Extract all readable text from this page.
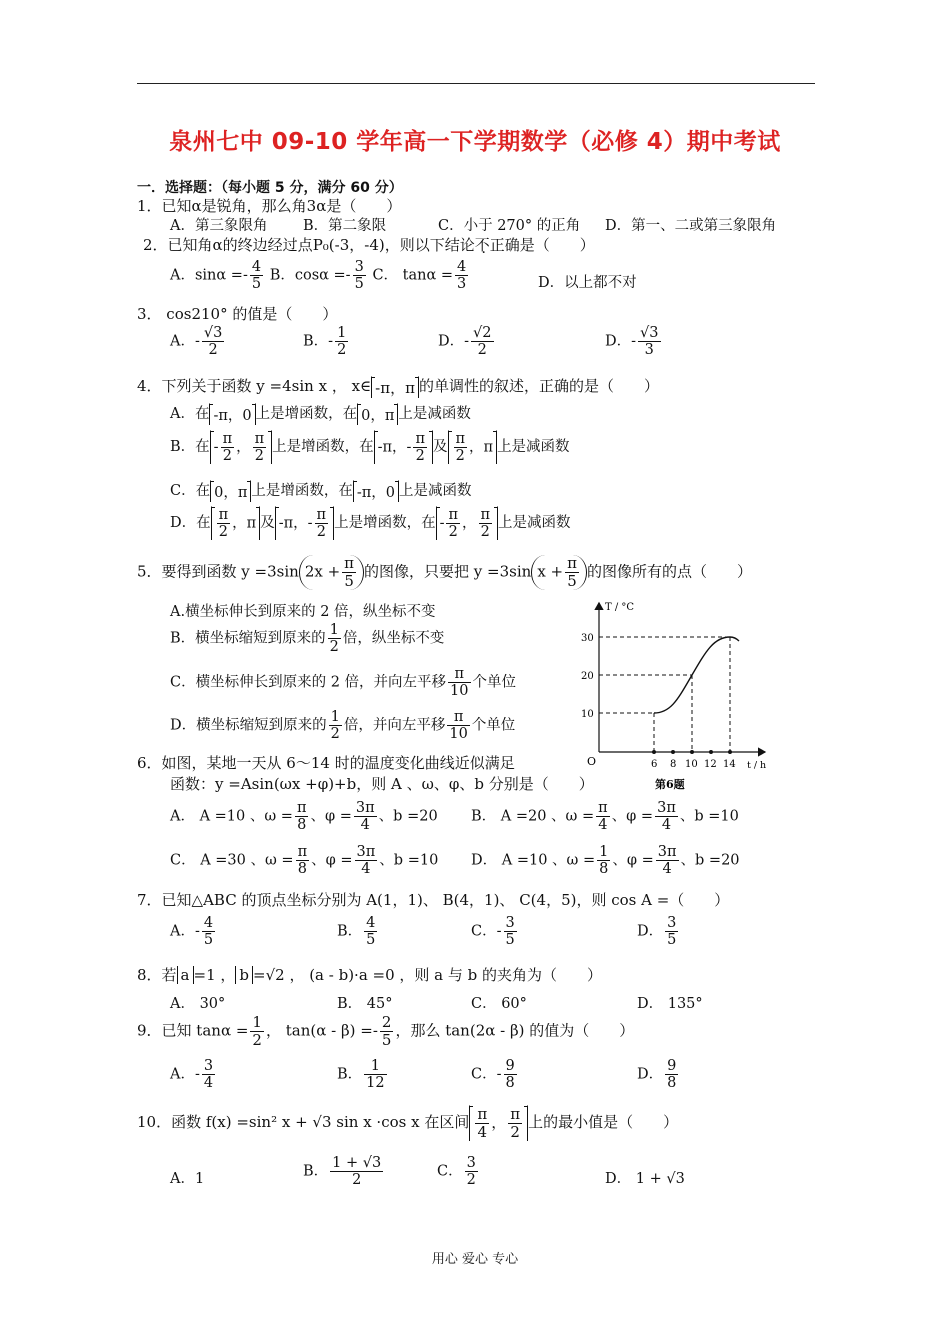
泉州七中 09-10 学年高一下学期数学（必修 4）期中考试
一．选择题：（每小题 5 分，满分 60 分）
1．已知α是锐角，那么角3α是（　　）
A．第三象限角 B．第二象限	C．小于 270° 的正角 D．第一、二或第三象限角
2．已知角α的终边经过点P₀(-3，-4)，则以下结论不正确是（　　）
A．$\sin\alpha =- \frac{4}{5}$ B．$\cos\alpha =- \frac{3}{5}$ C． $\tan\alpha = \frac{4}{3}$	D．以上都不对
3． cos210° 的值是（　　）
A．- $\frac{√3}{2}$	B．- $\frac{1}{2}$	D．- $\frac{√2}{2}$	D．- $\frac{√3}{3}$
4．下列关于函数 y =4sin x ， x∈ -π，π 的单调性的叙述，正确的是（　　）
A．在 -π，0 上是增函数，在 0，π 上是减函数
B．在 - $\frac{\pi}{2}$ ， $\frac{\pi}{2}$ 上是增函数，在 -π，- $\frac{\pi}{2}$ 及 $\frac{\pi}{2}$ ，π 上是减函数
C．在 0，π 上是增函数，在 -π，0 上是减函数
D．在 $\frac{\pi}{2}$ ，π 及 -π，- $\frac{\pi}{2}$ 上是增函数，在 - $\frac{\pi}{2}$ ， $\frac{\pi}{2}$ 上是减函数
5．要得到函数 y =3sin $2x + \frac{\pi}{5}$ 的图像，只要把 y =3sin $x + \frac{\pi}{5}$ 的图像所有的点（　　）
A.横坐标伸长到原来的 2 倍，纵坐标不变
B．横坐标缩短到原来的 $\frac{1}{2}$ 倍，纵坐标不变
C．横坐标伸长到原来的 2 倍，并向左平移 $\frac{\pi}{10}$ 个单位
D．横坐标缩短到原来的 $\frac{1}{2}$ 倍，并向左平移 $\frac{\pi}{10}$ 个单位
T / °C
t / h
O
30
20
10
6 8 10 12 14
第6题
6．如图，某地一天从 6～14 时的温度变化曲线近似满足
函数：y =Asin(ωx +φ)+b，则 A 、ω、φ、b 分别是（　　）
A． A =10 、$\omega = \frac{\pi}{8}$ 、$\varphi = \frac{3\pi}{4}$ 、b =20 B． A =20 、$\omega = \frac{\pi}{4}$ 、$\varphi = \frac{3\pi}{4}$ 、b =10
C． A =30 、$\omega = \frac{\pi}{8}$ 、$\varphi = \frac{3\pi}{4}$ 、b =10 D． A =10 、$\omega = \frac{1}{8}$ 、$\varphi = \frac{3\pi}{4}$ 、b =20
7．已知△ABC 的顶点坐标分别为 A(1，1)、 B(4，1)、 C(4，5)，则 cos A =（　　）
A．- $\frac{4}{5}$	B． $\frac{4}{5}$	C．- $\frac{3}{5}$	D． $\frac{3}{5}$
8．若 a =1 ， b =√2 ， (a - b)·a =0 ，则 a 与 b 的夹角为（　　）
A． 30°	B． 45°	C． 60°	D． 135°
9．已知 $\tan\alpha = \frac{1}{2}$ ， $\tan(\alpha - \beta) =- \frac{2}{5}$ ，那么 tan(2α - β) 的值为（　　）
A．- $\frac{3}{4}$	B． $\frac{1}{12}$	C．- $\frac{9}{8}$	D． $\frac{9}{8}$
10．函数 f(x) =sin² x + √3 sin x ·cos x 在区间 $\frac{\pi}{4}$ ， $\frac{\pi}{2}$ 上的最小值是（　　）
A．1	B． $\frac{1 + √3}{2}$	C． $\frac{3}{2}$	D． 1 + √3
用心 爱心 专心
